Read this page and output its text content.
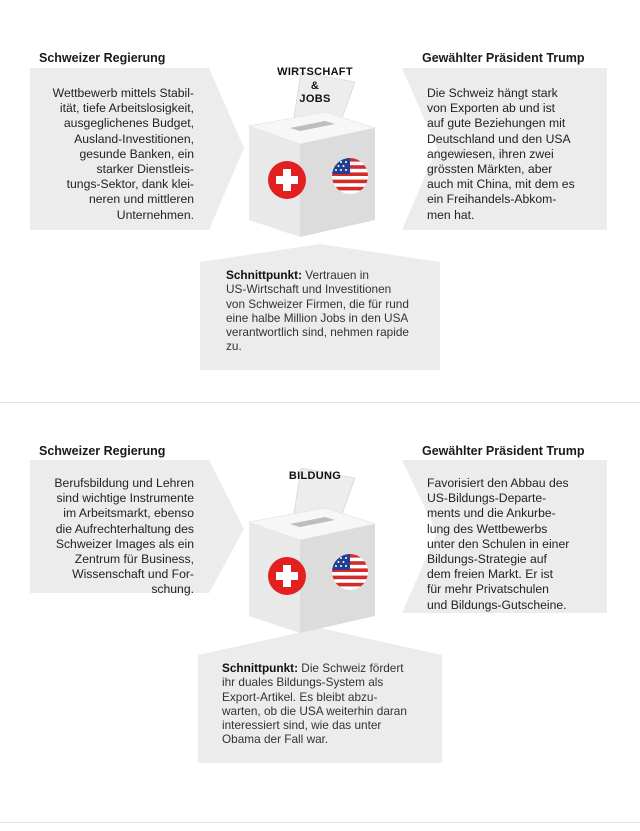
WIRTSCHAFT
&
JOBS
Schweizer Regierung	Gewählter Präsident Trump
Wettbewerb mittels Stabil-
ität, tiefe Arbeitslosigkeit,
ausgeglichenes Budget,
Ausland-Investitionen,
gesunde Banken, ein
starker Dienstleis-
tungs-Sektor, dank klei-
neren und mittleren
Unternehmen.
Die Schweiz hängt stark
von Exporten ab und ist
auf gute Beziehungen mit
Deutschland und den USA
angewiesen, ihren zwei
grössten Märkten, aber
auch mit China, mit dem es
ein Freihandels-Abkom-
men hat.
Schnittpunkt: Vertrauen in
US-Wirtschaft und Investitionen
von Schweizer Firmen, die für rund
eine halbe Million Jobs in den USA
verantwortlich sind, nehmen rapide
zu.
BILDUNG
Schweizer Regierung	Gewählter Präsident Trump
Berufsbildung und Lehren
sind wichtige Instrumente
im Arbeitsmarkt, ebenso
die Aufrechterhaltung des
Schweizer Images als ein
Zentrum für Business,
Wissenschaft und For-
schung.
Favorisiert den Abbau des
US-Bildungs-Departe-
ments und die Ankurbe-
lung des Wettbewerbs
unter den Schulen in einer
Bildungs-Strategie auf
dem freien Markt. Er ist
für mehr Privatschulen
und Bildungs-Gutscheine.
Schnittpunkt: Die Schweiz fördert
ihr duales Bildungs-System als
Export-Artikel. Es bleibt abzu-
warten, ob die USA weiterhin daran
interessiert sind, wie das unter
Obama der Fall war.
